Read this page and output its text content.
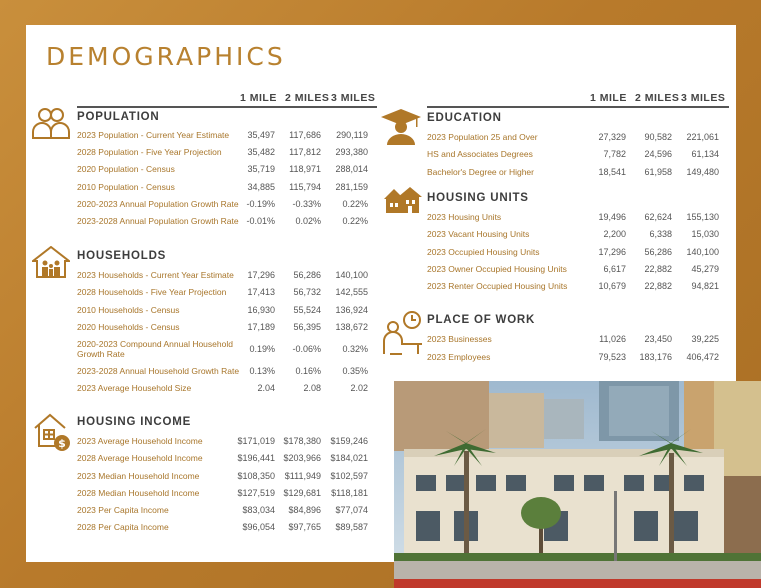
DEMOGRAPHICS
1 MILE 2 MILES 3 MILES	1 MILE 2 MILES 3 MILES
POPULATION
2023 Population - Current Year Estimate 35,497 117,686 290,119
2028 Population - Five Year Projection	35,482 117,812 293,380
2020 Population - Census	35,719 118,971 288,014
2010 Population - Census	34,885 115,794 281,159
2020-2023 Annual Population Growth Rate -0.19% -0.33% 0.22%
2023-2028 Annual Population Growth Rate -0.01% 0.02% 0.22%
HOUSEHOLDS
2023 Households - Current Year Estimate 17,296 56,286 140,100
2028 Households - Five Year Projection 17,413 56,732 142,555
2010 Households - Census	16,930 55,524 136,924
2020 Households - Census	17,189 56,395 138,672
2020-2023 Compound Annual Household Growth Rate	0.19% -0.06% 0.32%
2023-2028 Annual Household Growth Rate 0.13% 0.16% 0.35%
2023 Average Household Size	2.04	2.08	2.02
$
HOUSING INCOME
2023 Average Household Income	$171,019 $178,380 $159,246
2028 Average Household Income	$196,441 $203,966 $184,021
2023 Median Household Income	$108,350 $111,949 $102,597
2028 Median Household Income	$127,519 $129,681 $118,181
2023 Per Capita Income	$83,034 $84,896 $77,074
2028 Per Capita Income	$96,054 $97,765 $89,587
EDUCATION
2023 Population 25 and Over	27,329 90,582 221,061
HS and Associates Degrees	7,782 24,596 61,134
Bachelor's Degree or Higher	18,541 61,958 149,480
HOUSING UNITS
2023 Housing Units	19,496 62,624 155,130
2023 Vacant Housing Units	2,200	6,338 15,030
2023 Occupied Housing Units	17,296 56,286 140,100
2023 Owner Occupied Housing Units	6,617 22,882 45,279
2023 Renter Occupied Housing Units	10,679 22,882 94,821
PLACE OF WORK
2023 Businesses	11,026 23,450 39,225
2023 Employees	79,523 183,176 406,472
